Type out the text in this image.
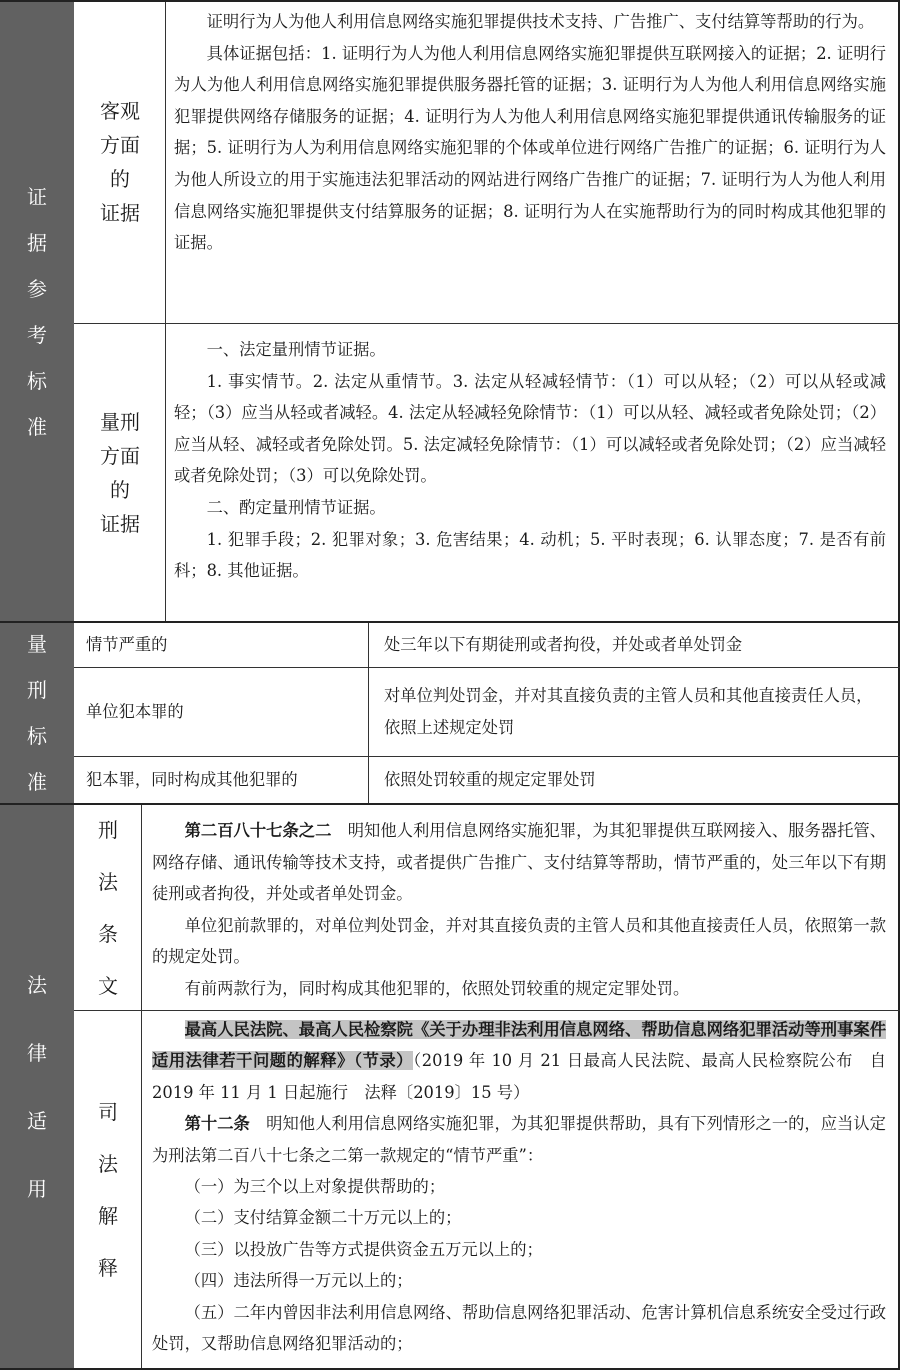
证
据
参
考
标
准
客观
方面
的
证据

证明行为人为他人利用信息网络实施犯罪提供技术支持、广告推广、支付结算等帮助的行为。

具体证据包括：1. 证明行为人为他人利用信息网络实施犯罪提供互联网接入的证据；2. 证明行为人为他人利用信息网络实施犯罪提供服务器托管的证据；3. 证明行为人为他人利用信息网络实施犯罪提供网络存储服务的证据；4. 证明行为人为他人利用信息网络实施犯罪提供通讯传输服务的证据；5. 证明行为人为利用信息网络实施犯罪的个体或单位进行网络广告推广的证据；6. 证明行为人为他人所设立的用于实施违法犯罪活动的网站进行网络广告推广的证据；7. 证明行为人为他人利用信息网络实施犯罪提供支付结算服务的证据；8. 证明行为人在实施帮助行为的同时构成其他犯罪的证据。

量刑
方面
的
证据

一、法定量刑情节证据。

1. 事实情节。2. 法定从重情节。3. 法定从轻减轻情节：（1）可以从轻；（2）可以从轻或减轻；（3）应当从轻或者减轻。4. 法定从轻减轻免除情节：（1）可以从轻、减轻或者免除处罚；（2）应当从轻、减轻或者免除处罚。5. 法定减轻免除情节：（1）可以减轻或者免除处罚；（2）应当减轻或者免除处罚；（3）可以免除处罚。

二、酌定量刑情节证据。

1. 犯罪手段；2. 犯罪对象；3. 危害结果；4. 动机；5. 平时表现；6. 认罪态度；7. 是否有前科；8. 其他证据。

量
刑
标
准
情节严重的	处三年以下有期徒刑或者拘役，并处或者单处罚金
单位犯本罪的
对单位判处罚金，并对其直接负责的主管人员和其他直接责任人员，依照上述规定处罚
犯本罪，同时构成其他犯罪的	依照处罚较重的规定定罪处罚
法
律
适
用
刑
法
条
文

第二百八十七条之二　 明知他人利用信息网络实施犯罪，为其犯罪提供互联网接入、服务器托管、网络存储、通讯传输等技术支持，或者提供广告推广、支付结算等帮助，情节严重的，处三年以下有期徒刑或者拘役，并处或者单处罚金。

单位犯前款罪的，对单位判处罚金，并对其直接负责的主管人员和其他直接责任人员，依照第一款的规定处罚。

有前两款行为，同时构成其他犯罪的，依照处罚较重的规定定罪处罚。

司
法
解
释

最高人民法院、最高人民检察院《关于办理非法利用信息网络、帮助信息网络犯罪活动等刑事案件适用法律若干问题的解释》（节录）（2019 年 10 月 21 日最高人民法院、最高人民检察院公布　自 2019 年 11 月 1 日起施行　法释〔2019〕15 号）

第十二条　 明知他人利用信息网络实施犯罪，为其犯罪提供帮助，具有下列情形之一的，应当认定为刑法第二百八十七条之二第一款规定的“情节严重”：

（一）为三个以上对象提供帮助的；

（二）支付结算金额二十万元以上的；

（三）以投放广告等方式提供资金五万元以上的；

（四）违法所得一万元以上的；

（五）二年内曾因非法利用信息网络、帮助信息网络犯罪活动、危害计算机信息系统安全受过行政处罚，又帮助信息网络犯罪活动的；
